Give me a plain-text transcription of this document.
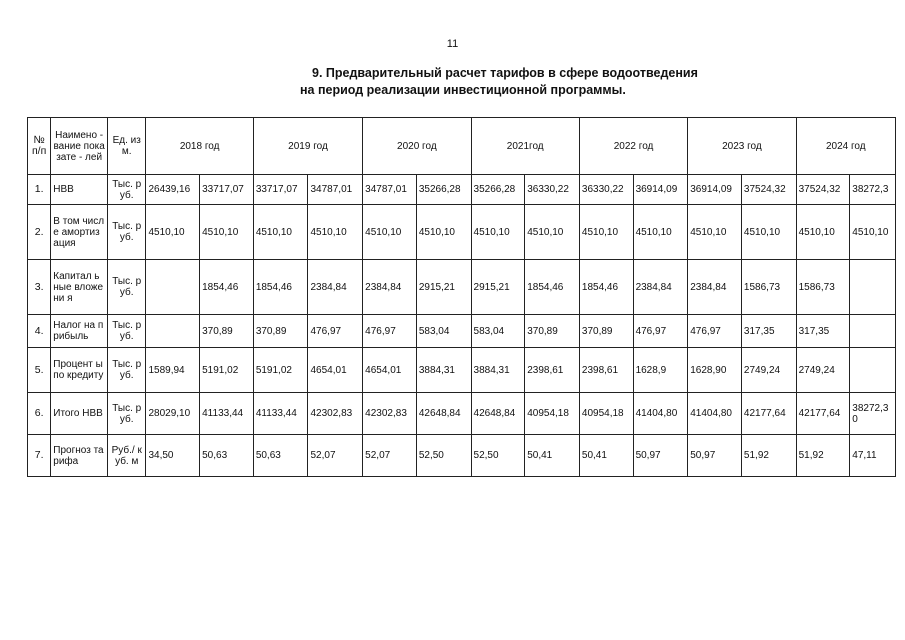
11
9. Предварительный расчет тарифов в сфере водоотведения
на период реализации инвестиционной программы.
№ п/п	Наимено - вание показате - лей	Ед. изм.	2018 год		2019 год		2020 год		2021год		2022 год		2023 год		2024 год	
1.	НВВ	Тыс. руб.	26439,16	33717,07	33717,07	34787,01	34787,01	35266,28	35266,28	36330,22	36330,22	36914,09	36914,09	37524,32	37524,32	38272,3
2.	В том числе амортиз ация	Тыс. руб.	4510,10	4510,10	4510,10	4510,10	4510,10	4510,10	4510,10	4510,10	4510,10	4510,10	4510,10	4510,10	4510,10	4510,10
3.	Капитал ьные вложени я	Тыс. руб.		1854,46	1854,46	2384,84	2384,84	2915,21	2915,21	1854,46	1854,46	2384,84	2384,84	1586,73	1586,73	
4.	Налог на прибыль	Тыс. руб.		370,89	370,89	476,97	476,97	583,04	583,04	370,89	370,89	476,97	476,97	317,35	317,35	
5.	Процент ы по кредиту	Тыс. руб.	1589,94	5191,02	5191,02	4654,01	4654,01	3884,31	3884,31	2398,61	2398,61	1628,9	1628,90	2749,24	2749,24	
6.	Итого НВВ	Тыс. руб.	28029,10	41133,44	41133,44	42302,83	42302,83	42648,84	42648,84	40954,18	40954,18	41404,80	41404,80	42177,64	42177,64	38272,30
7.	Прогноз тарифа	Руб./ куб. м	34,50	50,63	50,63	52,07	52,07	52,50	52,50	50,41	50,41	50,97	50,97	51,92	51,92	47,11
